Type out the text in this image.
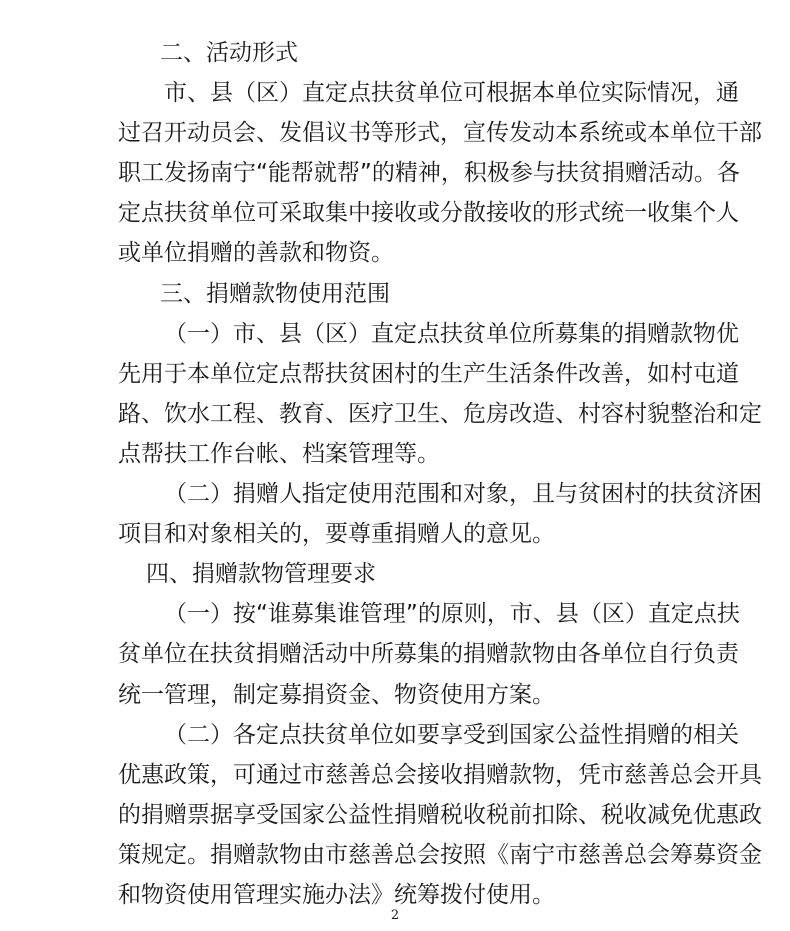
二、活动形式
市、县（区）直定点扶贫单位可根据本单位实际情况，通
过召开动员会、发倡议书等形式，宣传发动本系统或本单位干部
职工发扬南宁“能帮就帮”的精神，积极参与扶贫捐赠活动。各
定点扶贫单位可采取集中接收或分散接收的形式统一收集个人
或单位捐赠的善款和物资。
三、捐赠款物使用范围
（一）市、县（区）直定点扶贫单位所募集的捐赠款物优
先用于本单位定点帮扶贫困村的生产生活条件改善，如村屯道
路、饮水工程、教育、医疗卫生、危房改造、村容村貌整治和定
点帮扶工作台帐、档案管理等。
（二）捐赠人指定使用范围和对象，且与贫困村的扶贫济困
项目和对象相关的，要尊重捐赠人的意见。
四、捐赠款物管理要求
（一）按“谁募集谁管理”的原则，市、县（区）直定点扶
贫单位在扶贫捐赠活动中所募集的捐赠款物由各单位自行负责
统一管理，制定募捐资金、物资使用方案。
（二）各定点扶贫单位如要享受到国家公益性捐赠的相关
优惠政策，可通过市慈善总会接收捐赠款物，凭市慈善总会开具
的捐赠票据享受国家公益性捐赠税收税前扣除、税收减免优惠政
策规定。捐赠款物由市慈善总会按照《南宁市慈善总会筹募资金
和物资使用管理实施办法》统筹拨付使用。
2
